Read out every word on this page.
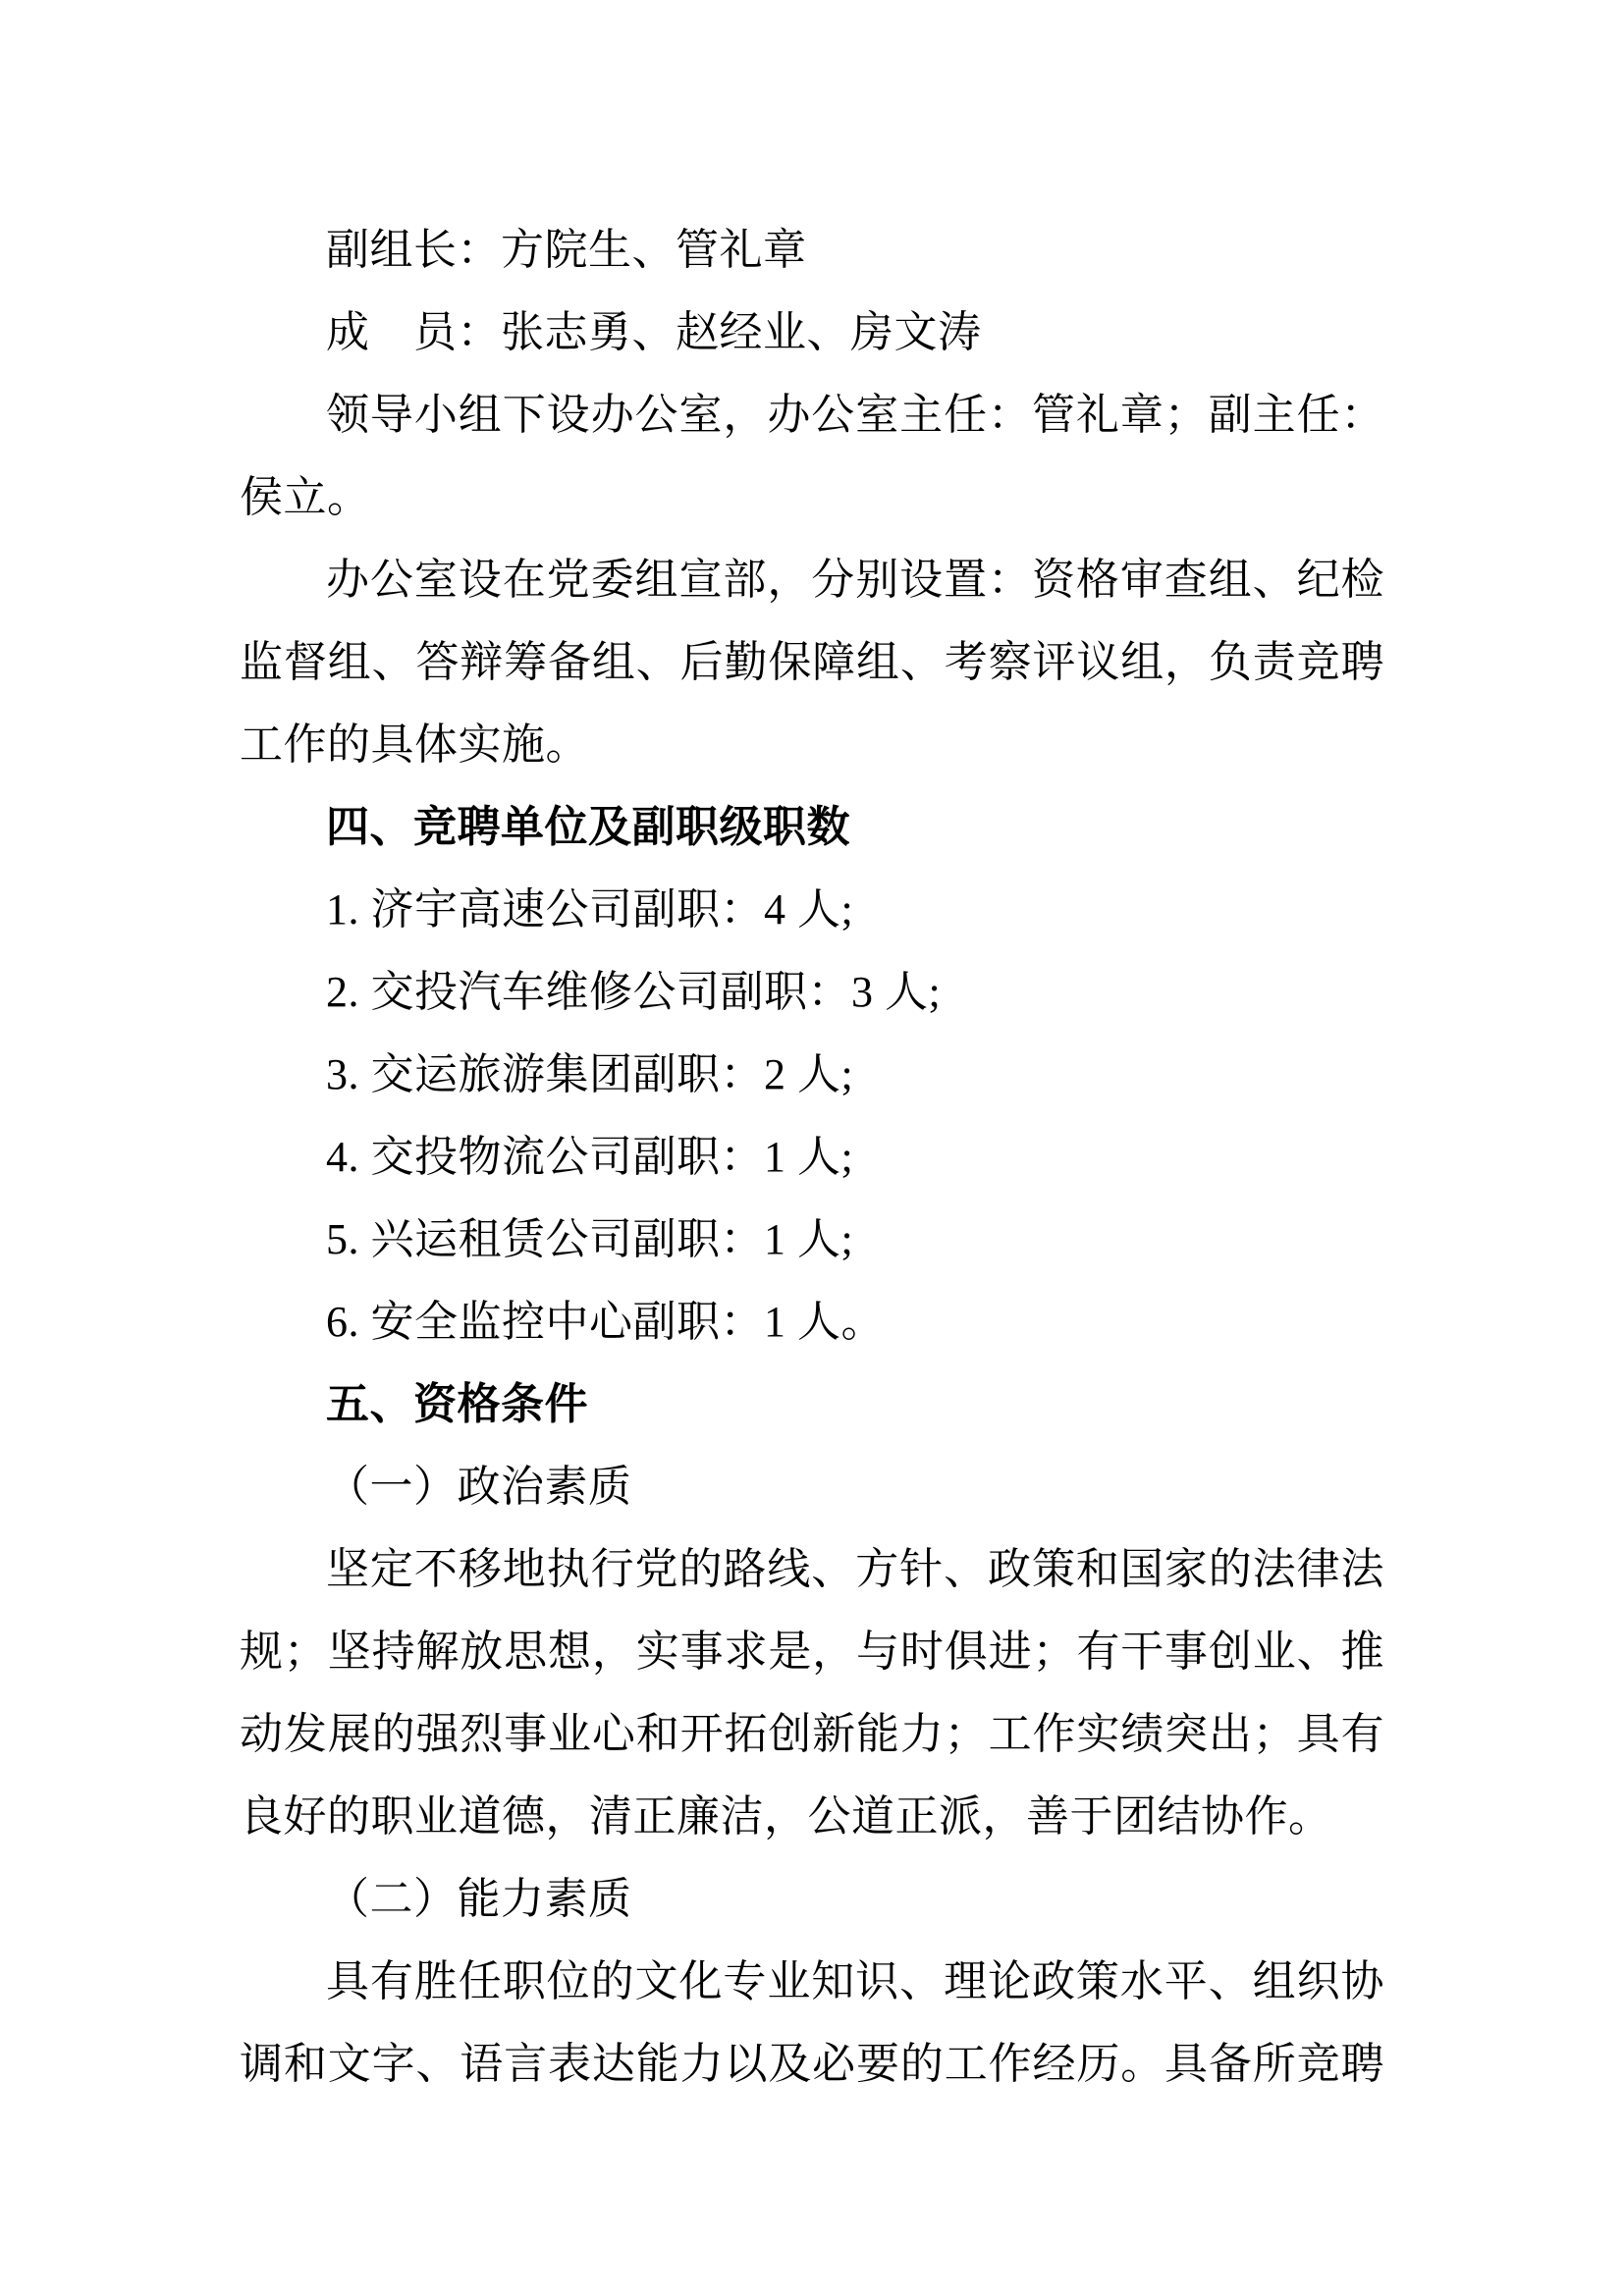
副组长：方院生、管礼章
成　员：张志勇、赵经业、房文涛
领导小组下设办公室，办公室主任：管礼章；副主任：
侯立。
办公室设在党委组宣部，分别设置：资格审查组、纪检
监督组、答辩筹备组、后勤保障组、考察评议组，负责竞聘
工作的具体实施。
四、竞聘单位及副职级职数
1. 济宇高速公司副职：4 人;
2. 交投汽车维修公司副职：3 人;
3. 交运旅游集团副职：2 人;
4. 交投物流公司副职：1 人;
5. 兴运租赁公司副职：1 人;
6. 安全监控中心副职：1 人。
五、资格条件
（一）政治素质
坚定不移地执行党的路线、方针、政策和国家的法律法
规；坚持解放思想，实事求是，与时俱进；有干事创业、推
动发展的强烈事业心和开拓创新能力；工作实绩突出；具有
良好的职业道德，清正廉洁，公道正派，善于团结协作。
（二）能力素质
具有胜任职位的文化专业知识、理论政策水平、组织协
调和文字、语言表达能力以及必要的工作经历。具备所竞聘
